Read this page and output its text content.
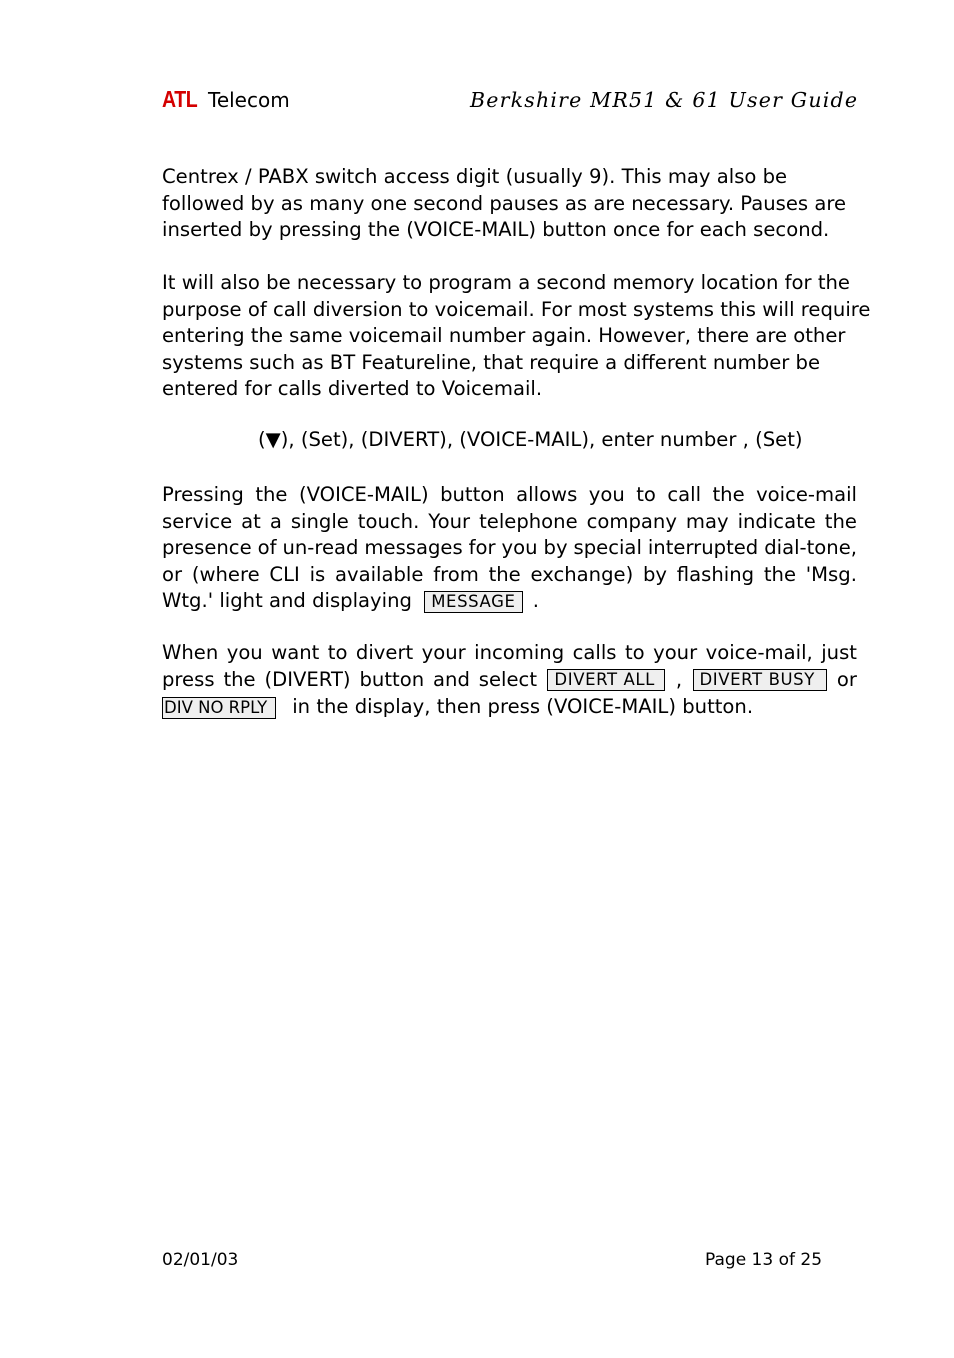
ATL Telecom	Berkshire MR51 & 61 User Guide
Centrex / PABX switch access digit (usually 9). This may also be
followed by as many one second pauses as are necessary. Pauses are
inserted by pressing the (VOICE-MAIL) button once for each second.
It will also be necessary to program a second memory location for the
purpose of call diversion to voicemail. For most systems this will require
entering the same voicemail number again. However, there are other
systems such as BT Featureline, that require a different number be
entered for calls diverted to Voicemail.
(▼), (Set), (DIVERT), (VOICE-MAIL), enter number , (Set)
Pressing the (VOICE-MAIL) button allows you to call the voice-mail
service at a single touch. Your telephone company may indicate the
presence of un-read messages for you by special interrupted dial-tone,
or (where CLI is available from the exchange) by flashing the 'Msg.
Wtg.' light and displaying MESSAGE .
When you want to divert your incoming calls to your voice-mail, just
press the (DIVERT) button and select	DIVERT ALL	,	DIVERT BUSY	or
DIV NO RPLY in the display, then press (VOICE-MAIL) button.
02/01/03	Page 13 of 25
